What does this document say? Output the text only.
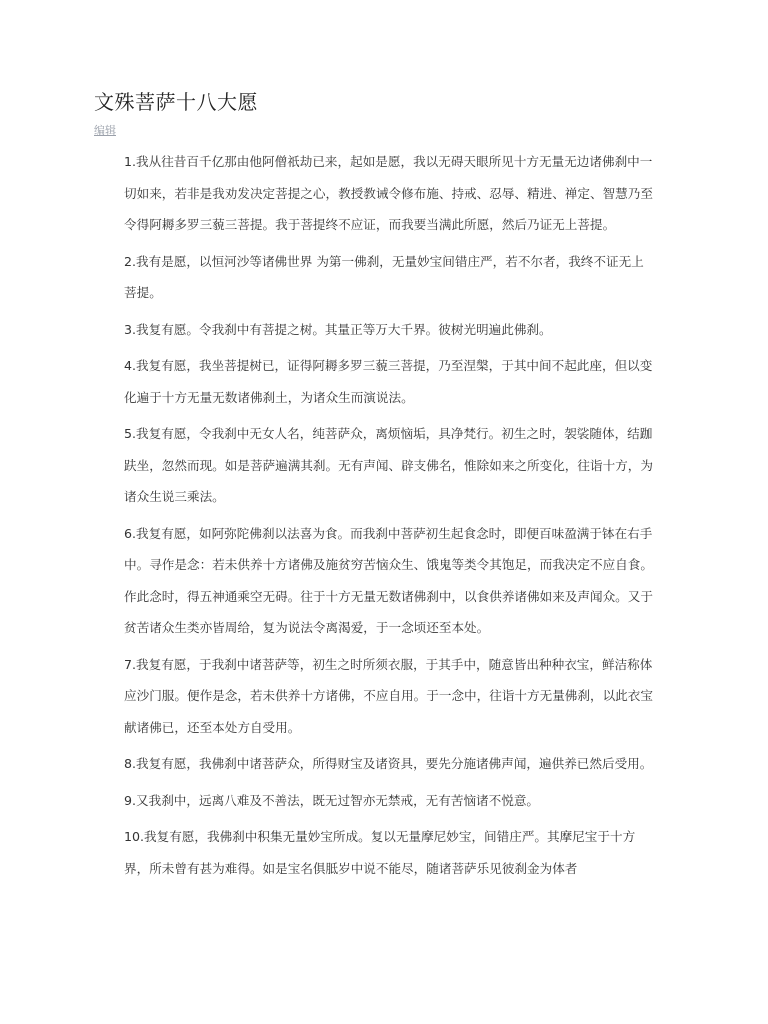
文殊菩萨十八大愿
编辑

1.我从往昔百千亿那由他阿僧祇劫已来，起如是愿，我以无碍天眼所见十方无量无边诸佛刹中一切如来，若非是我劝发决定菩提之心，教授教诫令修布施、持戒、忍辱、精进、禅定、智慧乃至令得阿耨多罗三藐三菩提。我于菩提终不应证，而我要当满此所愿，然后乃证无上菩提。

2.我有是愿，以恒河沙等诸佛世界 为第一佛刹，无量妙宝间错庄严，若不尔者，我终不证无上菩提。

3.我复有愿。令我刹中有菩提之树。其量正等万大千界。彼树光明遍此佛刹。

4.我复有愿，我坐菩提树已，证得阿耨多罗三藐三菩提，乃至涅槃，于其中间不起此座，但以变化遍于十方无量无数诸佛刹土，为诸众生而演说法。

5.我复有愿，令我刹中无女人名，纯菩萨众，离烦恼垢，具净梵行。初生之时，袈裟随体，结跏趺坐，忽然而现。如是菩萨遍满其刹。无有声闻、辟支佛名，惟除如来之所变化，往诣十方，为诸众生说三乘法。

6.我复有愿，如阿弥陀佛刹以法喜为食。而我刹中菩萨初生起食念时，即便百味盈满于钵在右手中。寻作是念：若未供养十方诸佛及施贫穷苦恼众生、饿鬼等类令其饱足，而我决定不应自食。作此念时，得五神通乘空无碍。往于十方无量无数诸佛刹中，以食供养诸佛如来及声闻众。又于贫苦诸众生类亦皆周给，复为说法令离渴爱，于一念顷还至本处。

7.我复有愿，于我刹中诸菩萨等，初生之时所须衣服，于其手中，随意皆出种种衣宝，鲜洁称体应沙门服。便作是念，若未供养十方诸佛，不应自用。于一念中，往诣十方无量佛刹，以此衣宝献诸佛已，还至本处方自受用。

8.我复有愿，我佛刹中诸菩萨众，所得财宝及诸资具，要先分施诸佛声闻，遍供养已然后受用。

9.又我刹中，远离八难及不善法，既无过智亦无禁戒，无有苦恼诸不悦意。

10.我复有愿，我佛刹中积集无量妙宝所成。复以无量摩尼妙宝，间错庄严。其摩尼宝于十方界，所未曾有甚为难得。如是宝名俱胝岁中说不能尽，随诸菩萨乐见彼刹金为体者
